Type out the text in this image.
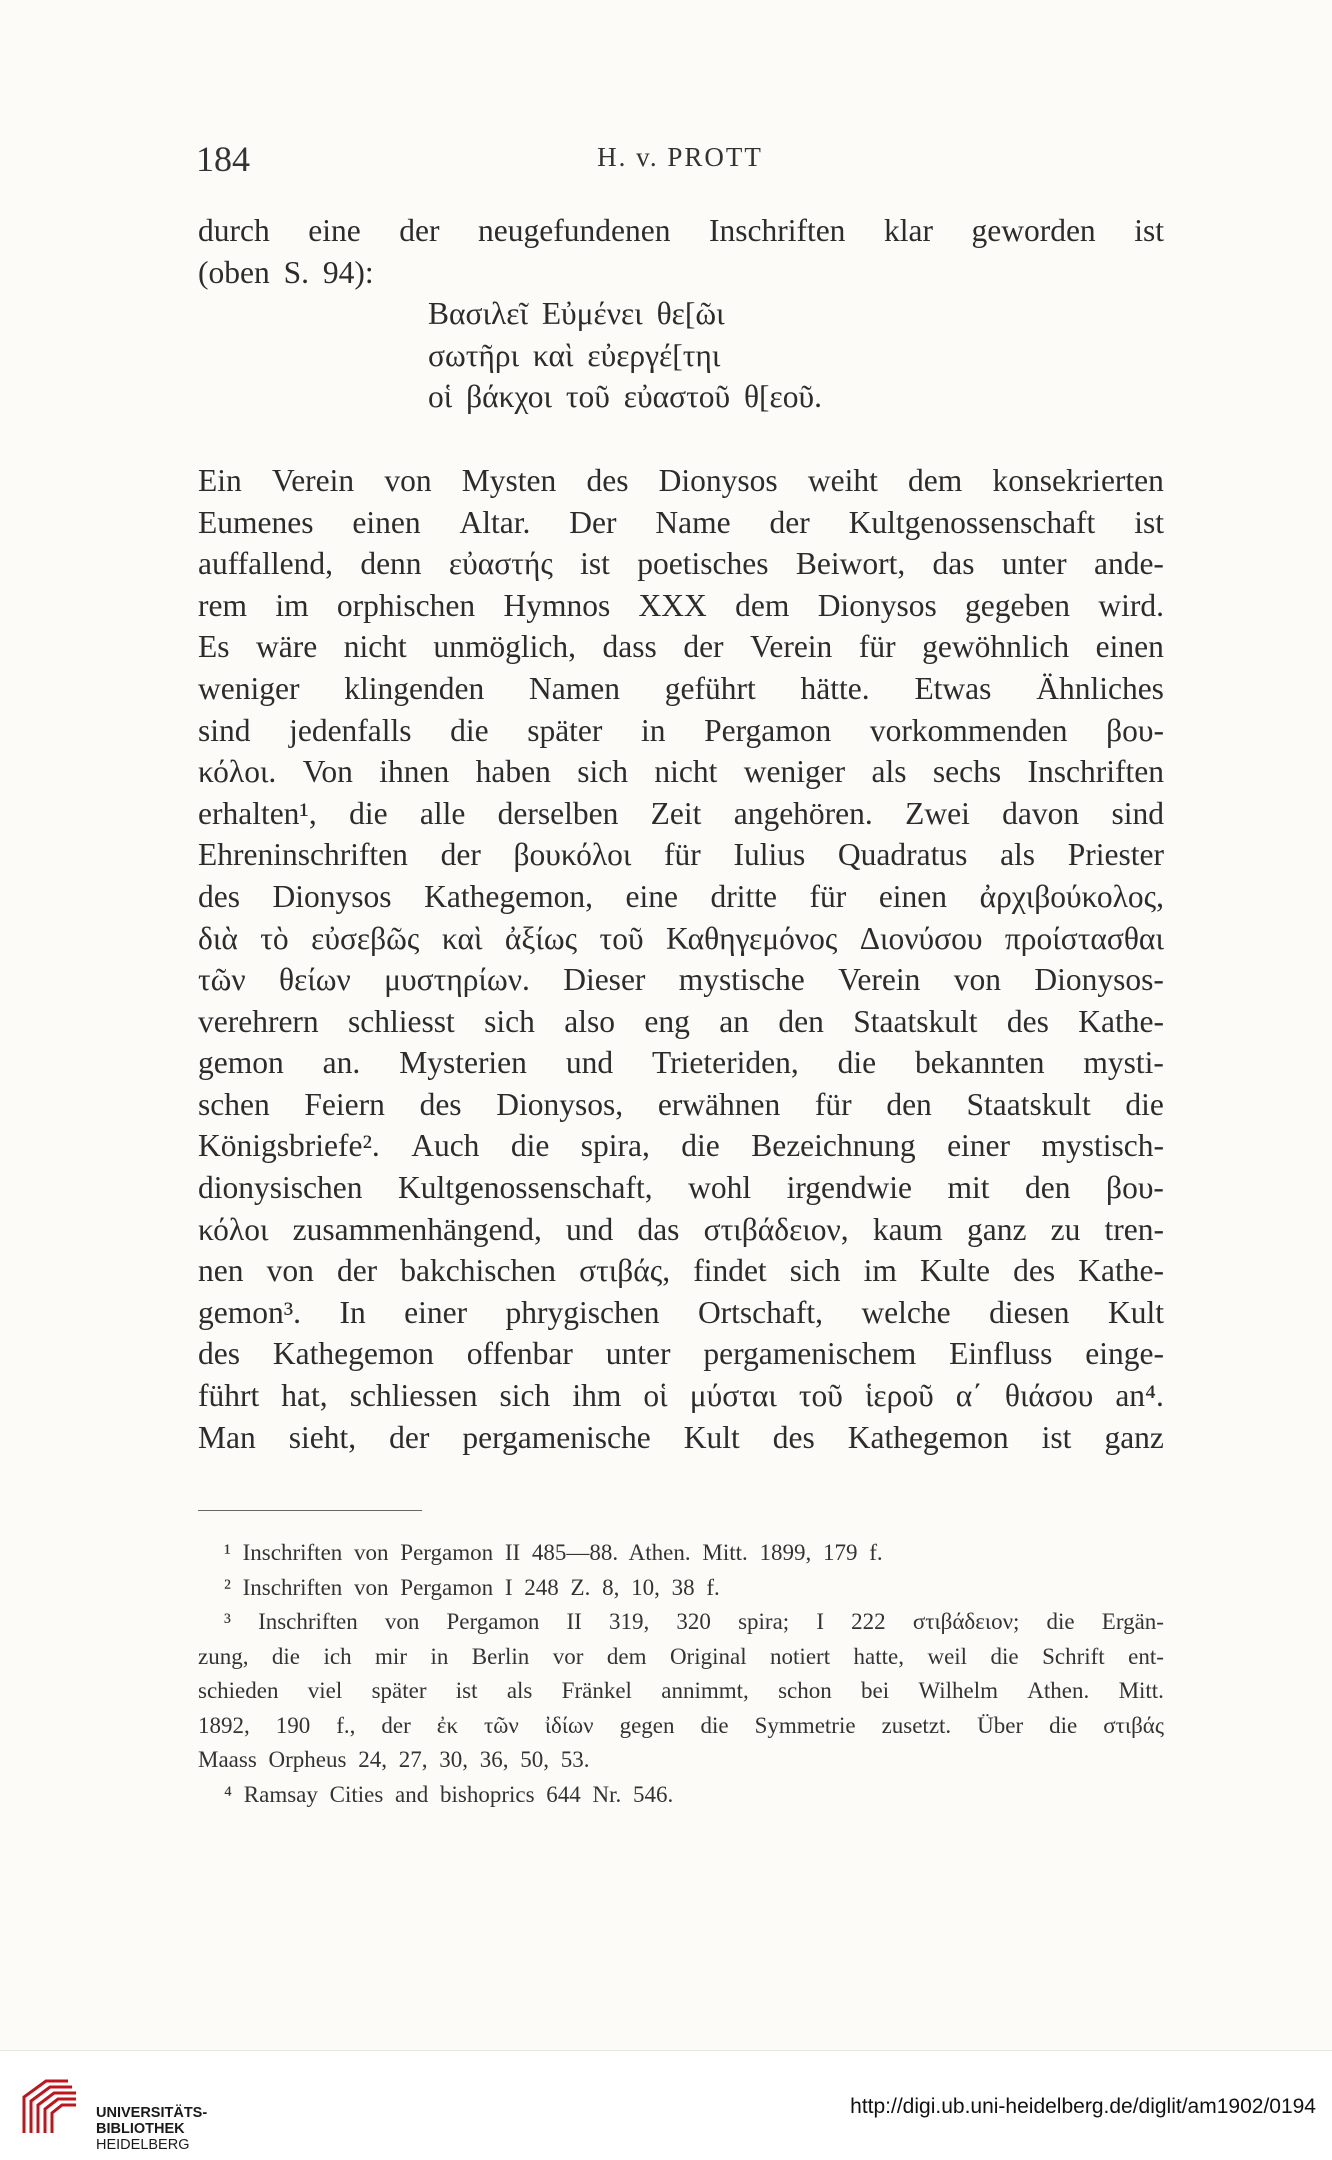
184	H. v. PROTT
durch eine der neugefundenen Inschriften klar geworden ist
(oben S. 94):
Βασιλεῖ Εὐμένει θε[ῶι
σωτῆρι καὶ εὐεργέ[τηι
οἱ βάκχοι τοῦ εὐαστοῦ θ[εοῦ.
Ein Verein von Mysten des Dionysos weiht dem konsekrierten
Eumenes einen Altar. Der Name der Kultgenossenschaft ist
auffallend, denn εὐαστής ist poetisches Beiwort, das unter ande-
rem im orphischen Hymnos XXX dem Dionysos gegeben wird.
Es wäre nicht unmöglich, dass der Verein für gewöhnlich einen
weniger klingenden Namen geführt hätte. Etwas Ähnliches
sind jedenfalls die später in Pergamon vorkommenden βου-
κόλοι. Von ihnen haben sich nicht weniger als sechs Inschriften
erhalten¹, die alle derselben Zeit angehören. Zwei davon sind
Ehreninschriften der βουκόλοι für Iulius Quadratus als Priester
des Dionysos Kathegemon, eine dritte für einen ἀρχιβούκολος,
διὰ τὸ εὐσεβῶς καὶ ἀξίως τοῦ Καθηγεμόνος Διονύσου προίστασθαι
τῶν θείων μυστηρίων. Dieser mystische Verein von Dionysos-
verehrern schliesst sich also eng an den Staatskult des Kathe-
gemon an. Mysterien und Trieteriden, die bekannten mysti-
schen Feiern des Dionysos, erwähnen für den Staatskult die
Königsbriefe². Auch die spira, die Bezeichnung einer mystisch-
dionysischen Kultgenossenschaft, wohl irgendwie mit den βου-
κόλοι zusammenhängend, und das στιβάδειον, kaum ganz zu tren-
nen von der bakchischen στιβάς, findet sich im Kulte des Kathe-
gemon³. In einer phrygischen Ortschaft, welche diesen Kult
des Kathegemon offenbar unter pergamenischem Einfluss einge-
führt hat, schliessen sich ihm οἱ μύσται τοῦ ἱεροῦ α΄ θιάσου an⁴.
Man sieht, der pergamenische Kult des Kathegemon ist ganz
¹ Inschriften von Pergamon II 485—88. Athen. Mitt. 1899, 179 f.
² Inschriften von Pergamon I 248 Z. 8, 10, 38 f.
³ Inschriften von Pergamon II 319, 320 spira; I 222 στιβάδειον; die Ergän-
zung, die ich mir in Berlin vor dem Original notiert hatte, weil die Schrift ent-
schieden viel später ist als Fränkel annimmt, schon bei Wilhelm Athen. Mitt.
1892, 190 f., der ἐκ τῶν ἰδίων gegen die Symmetrie zusetzt. Über die στιβάς
Maass Orpheus 24, 27, 30, 36, 50, 53.
⁴ Ramsay Cities and bishoprics 644 Nr. 546.
UNIVERSITÄTS-
BIBLIOTHEK
HEIDELBERG
http://digi.ub.uni-heidelberg.de/diglit/am1902/0194
